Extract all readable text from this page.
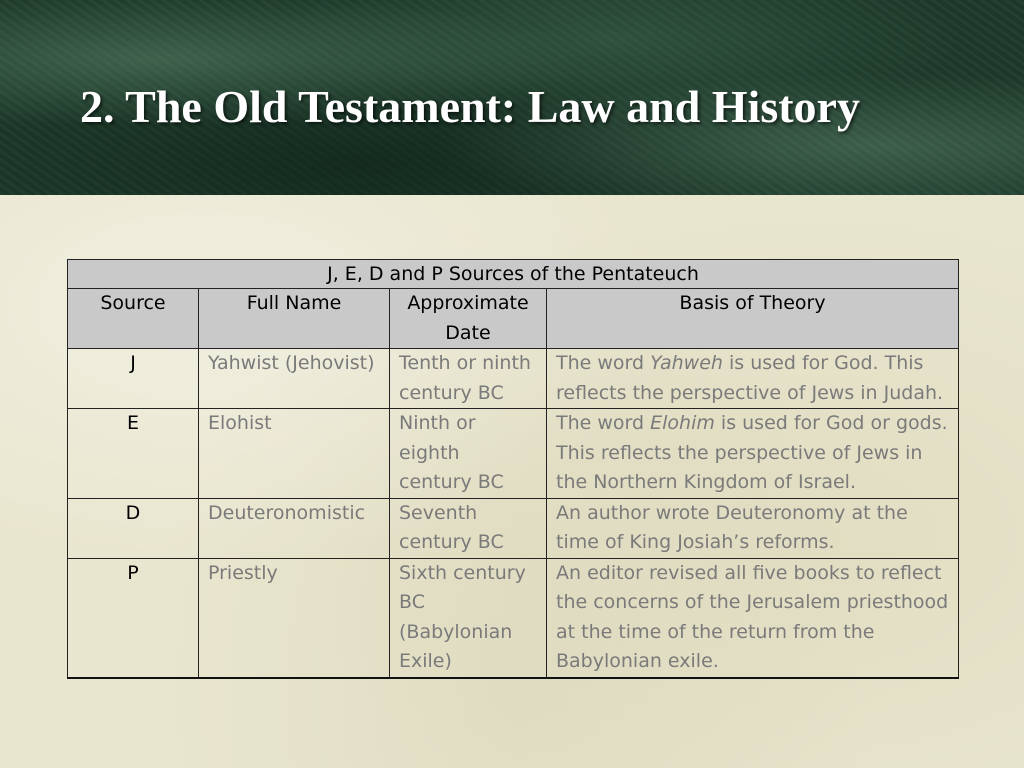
2. The Old Testament: Law and History
J, E, D and P Sources of the Pentateuch			
Source	Full Name	Approximate Date	Basis of Theory
J	Yahwist (Jehovist)	Tenth or ninth century BC	The word Yahweh is used for God. This reflects the perspective of Jews in Judah.
E	Elohist	Ninth or eighth century BC	The word Elohim is used for God or gods. This reflects the perspective of Jews in the Northern Kingdom of Israel.
D	Deuteronomistic	Seventh century BC	An author wrote Deuteronomy at the time of King Josiah’s reforms.
P	Priestly	Sixth century BC (Babylonian Exile)	An editor revised all five books to reflect the concerns of the Jerusalem priesthood at the time of the return from the Babylonian exile.
